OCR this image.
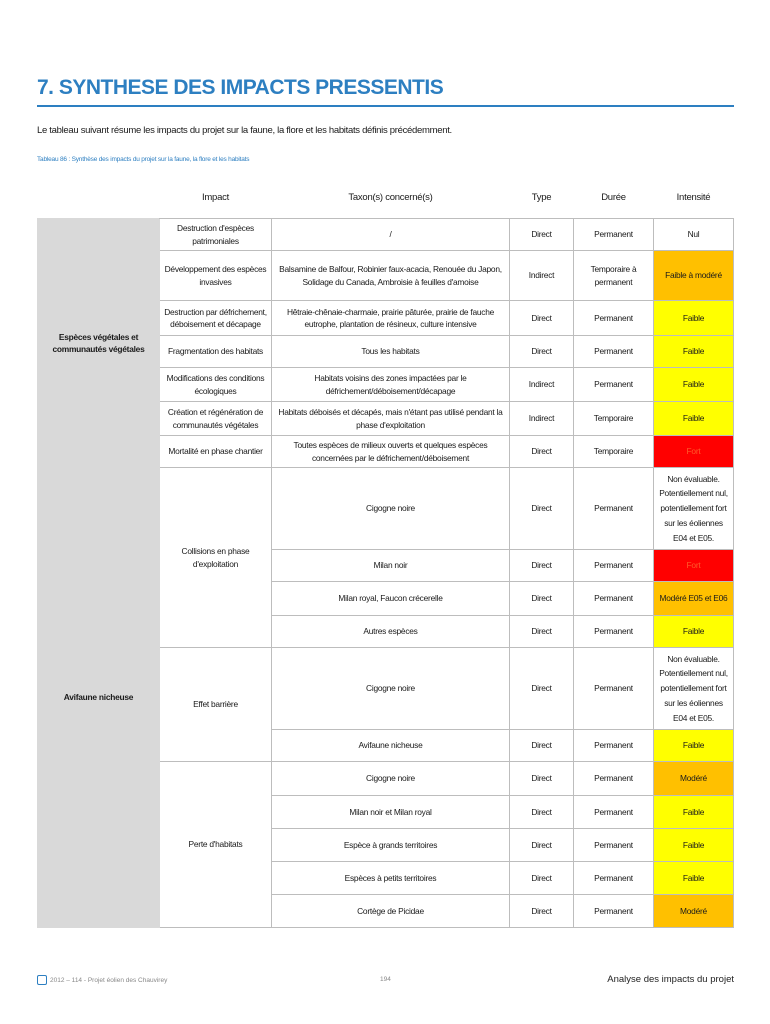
7. SYNTHESE DES IMPACTS PRESSENTIS
Le tableau suivant résume les impacts du projet sur la faune, la flore et les habitats définis précédemment.
Tableau 86 : Synthèse des impacts du projet sur la faune, la flore et les habitats
	Impact	Taxon(s) concerné(s)	Type	Durée	Intensité
Espèces végétales et communautés végétales	Destruction d'espèces patrimoniales	/	Direct	Permanent	Nul
	Développement des espèces invasives	Balsamine de Balfour, Robinier faux-acacia, Renouée du Japon, Solidage du Canada, Ambroisie à feuilles d'amoise	Indirect	Temporaire à permanent	Faible à modéré
	Destruction par défrichement, déboisement et décapage	Hêtraie-chênaie-charmaie, prairie pâturée, prairie de fauche eutrophe, plantation de résineux, culture intensive	Direct	Permanent	Faible
	Fragmentation des habitats	Tous les habitats	Direct	Permanent	Faible
	Modifications des conditions écologiques	Habitats voisins des zones impactées par le défrichement/déboisement/décapage	Indirect	Permanent	Faible
	Création et régénération de communautés végétales	Habitats déboisés et décapés, mais n'étant pas utilisé pendant la phase d'exploitation	Indirect	Temporaire	Faible
	Mortalité en phase chantier	Toutes espèces de milieux ouverts et quelques espèces concernées par le défrichement/déboisement	Direct	Temporaire	Fort
Avifaune nicheuse	Collisions en phase d'exploitation	Cigogne noire	Direct	Permanent	Non évaluable. Potentiellement nul, potentiellement fort sur les éoliennes E04 et E05.
		Milan noir	Direct	Permanent	Fort
		Milan royal, Faucon crécerelle	Direct	Permanent	Modéré E05 et E06
		Autres espèces	Direct	Permanent	Faible
	Effet barrière	Cigogne noire	Direct	Permanent	Non évaluable. Potentiellement nul, potentiellement fort sur les éoliennes E04 et E05.
		Avifaune nicheuse	Direct	Permanent	Faible
	Perte d'habitats	Cigogne noire	Direct	Permanent	Modéré
		Milan noir et Milan royal	Direct	Permanent	Faible
		Espèce à grands territoires	Direct	Permanent	Faible
		Espèces à petits territoires	Direct	Permanent	Faible
		Cortège de Picidae	Direct	Permanent	Modéré
2012 – 114 - Projet éolien des Chauvirey	194	Analyse des impacts du projet
